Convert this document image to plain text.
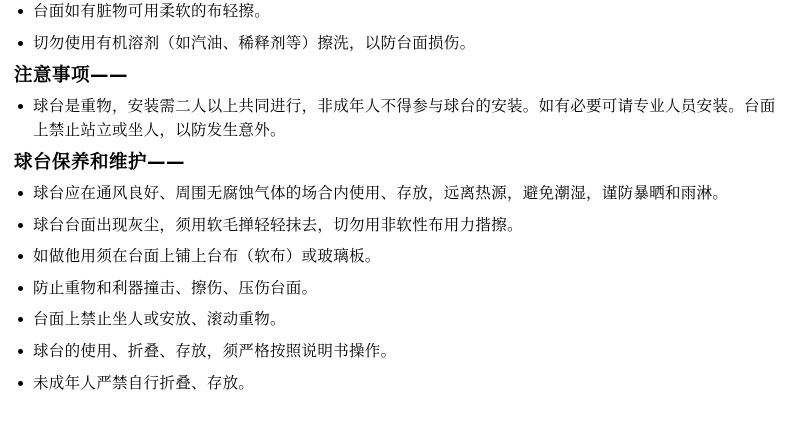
台面如有脏物可用柔软的布轻擦。
切勿使用有机溶剂（如汽油、稀释剂等）擦洗，以防台面损伤。
注意事项——
球台是重物，安装需二人以上共同进行，非成年人不得参与球台的安装。如有必要可请专业人员安装。台面上禁止站立或坐人，以防发生意外。
球台保养和维护——
球台应在通风良好、周围无腐蚀气体的场合内使用、存放，远离热源，避免潮湿，谨防暴晒和雨淋。
球台台面出现灰尘，须用软毛掸轻轻抹去，切勿用非软性布用力揩擦。
如做他用须在台面上铺上台布（软布）或玻璃板。
防止重物和利器撞击、擦伤、压伤台面。
台面上禁止坐人或安放、滚动重物。
球台的使用、折叠、存放，须严格按照说明书操作。
未成年人严禁自行折叠、存放。
